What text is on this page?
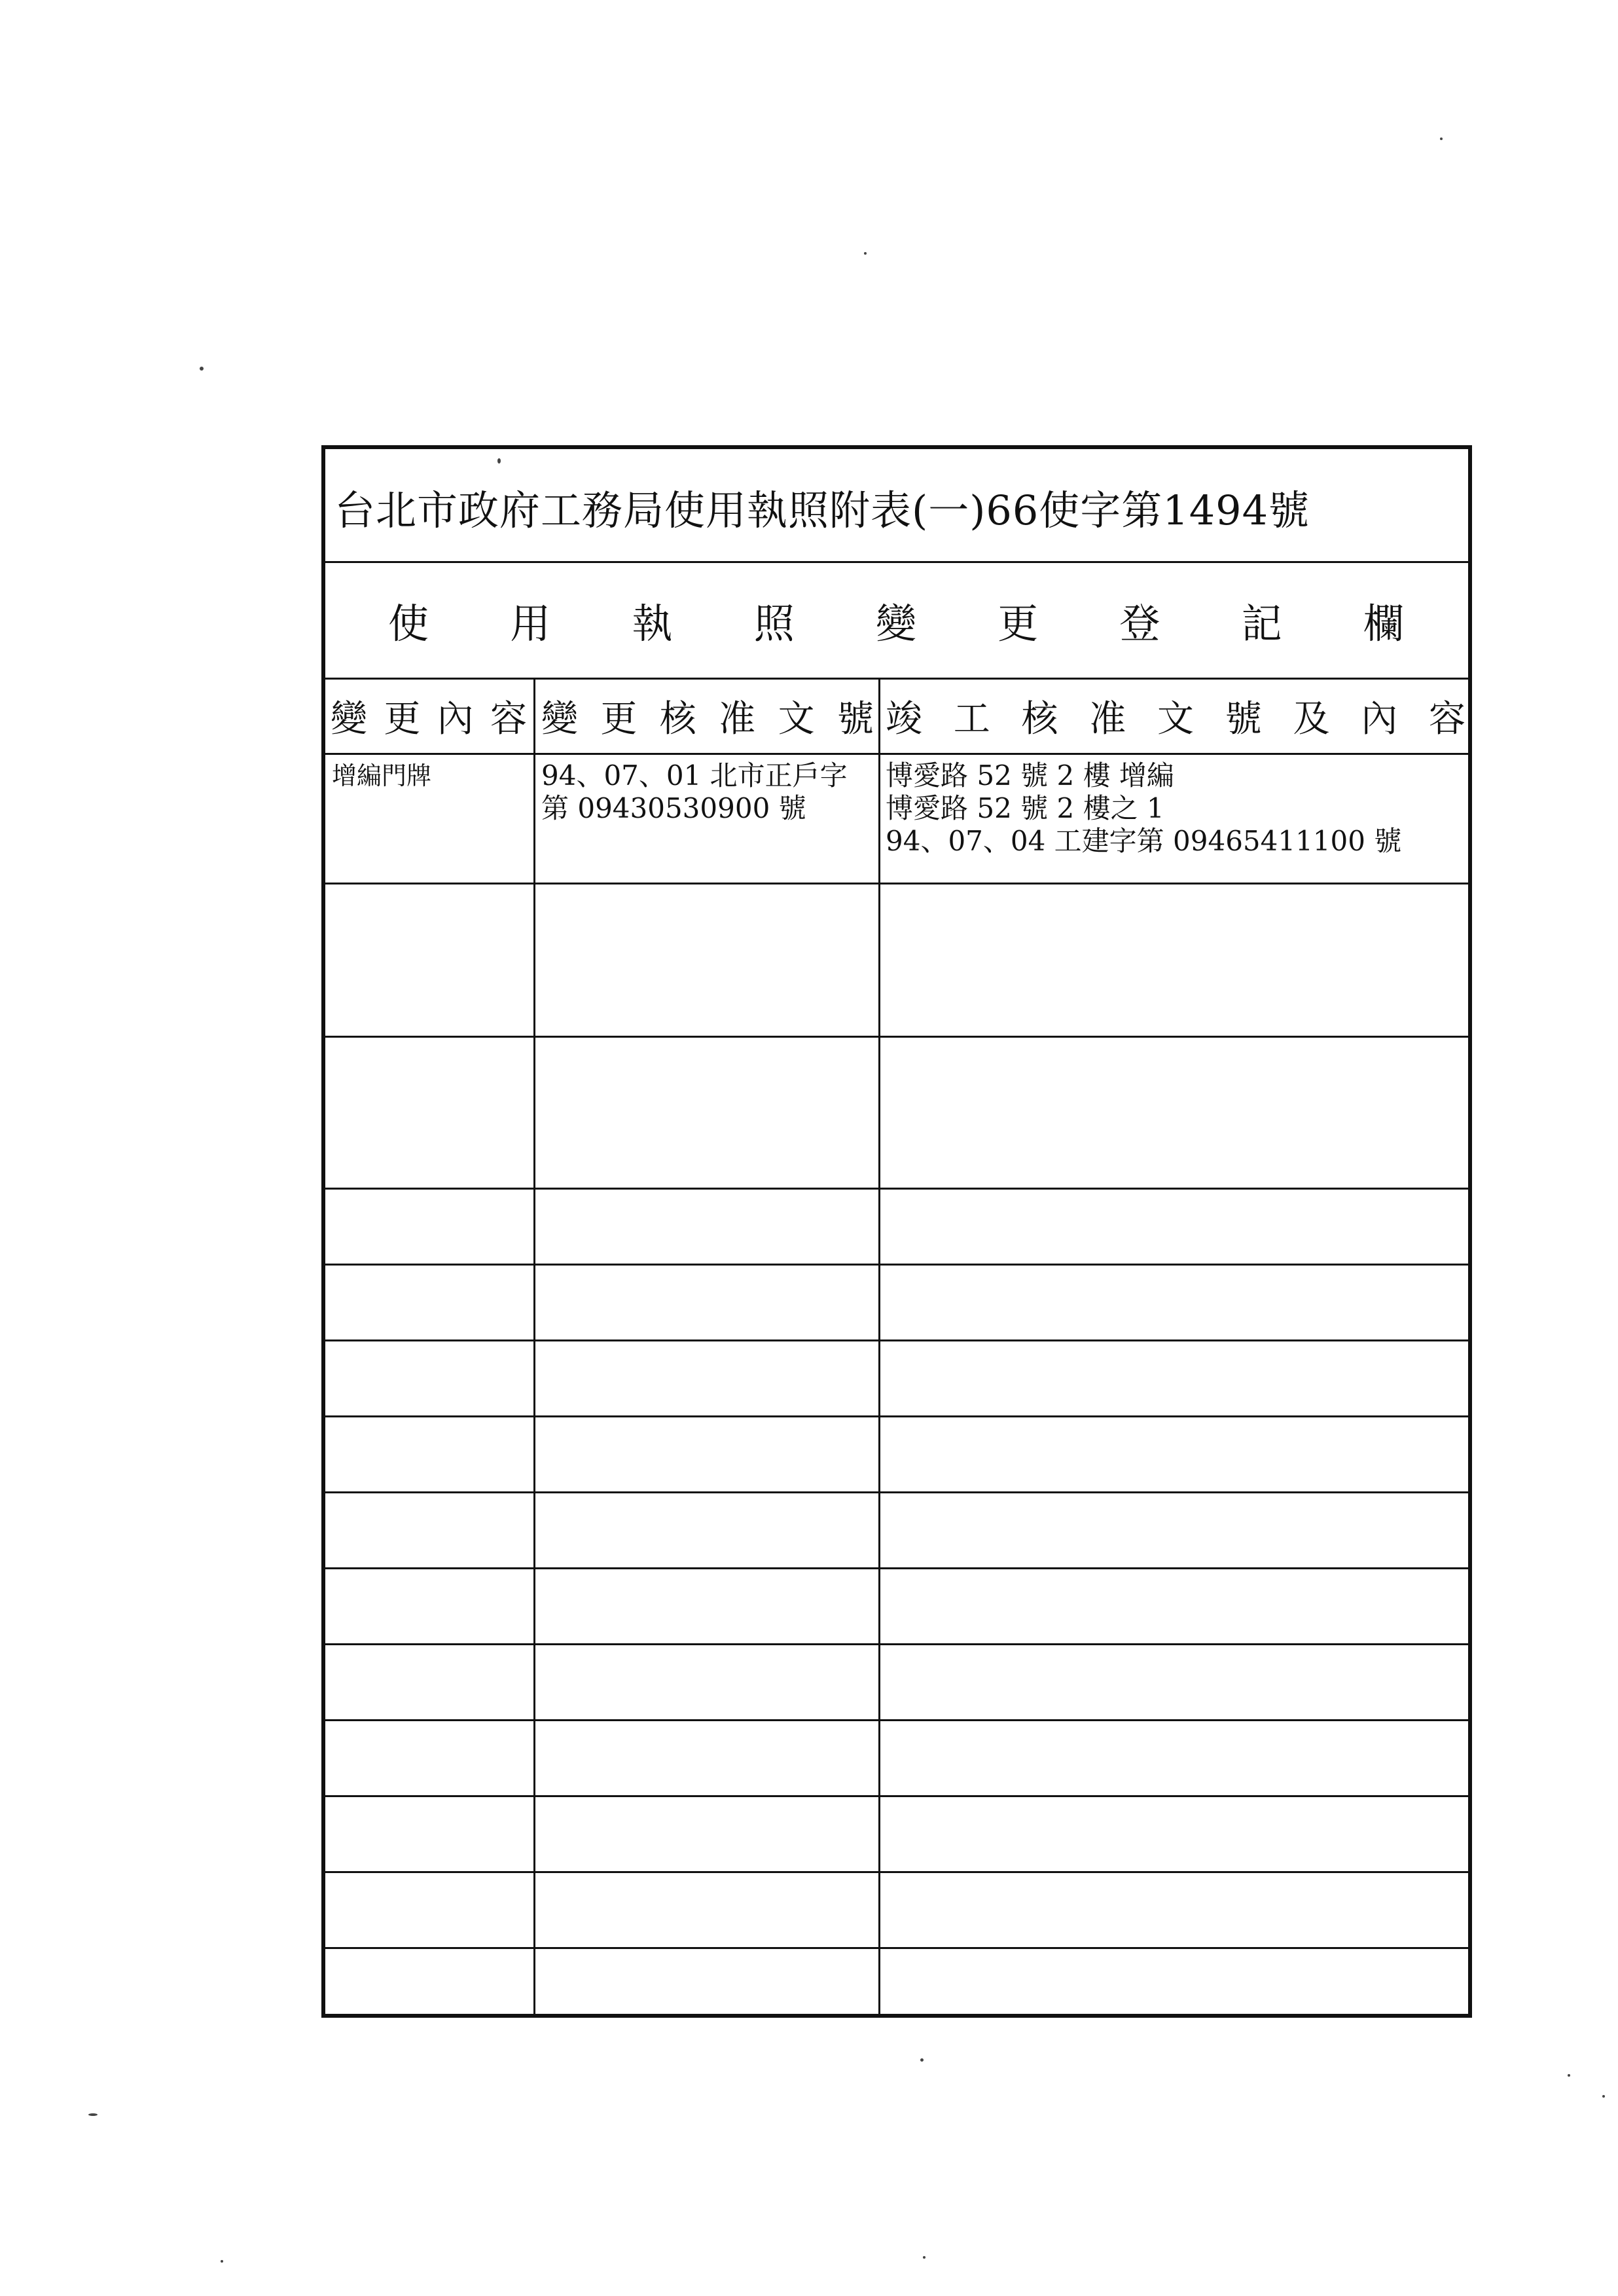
台北市政府工務局使用執照附表(一)66使字第1494號
使 用 執 照 變 更 登 記 欄
變 更 內 容 變 更 核 准 文 號 竣 工 核 准 文 號 及 內 容
增編門牌	94、07、01 北市正戶字
第 09430530900 號
博愛路 52 號 2 樓 增編
博愛路 52 號 2 樓之 1
94、07、04 工建字第 09465411100 號
